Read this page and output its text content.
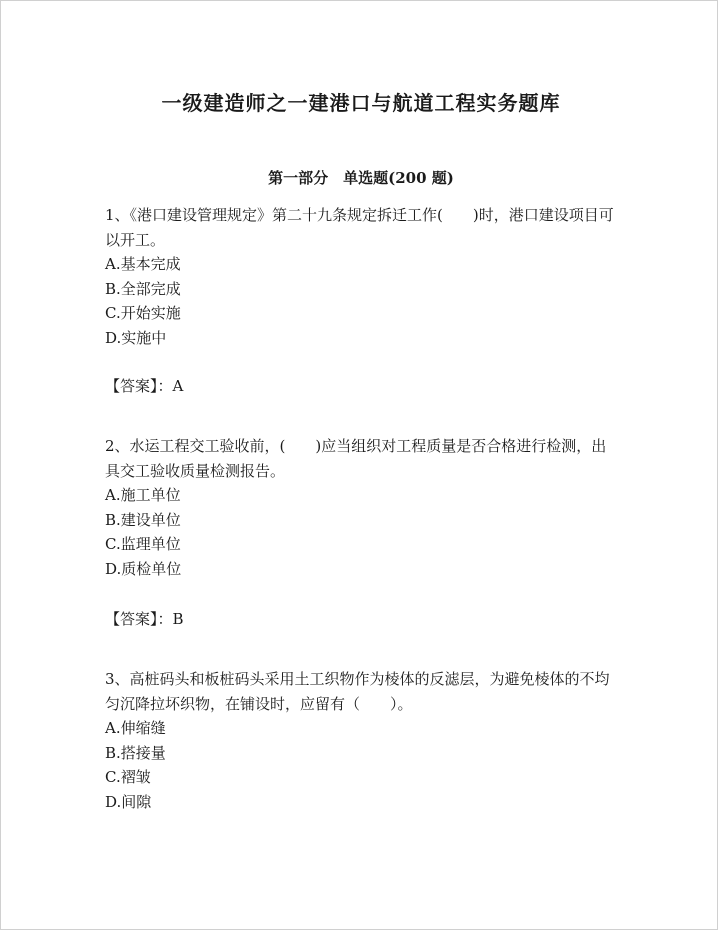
一级建造师之一建港口与航道工程实务题库
第一部分　单选题(200 题)
1、《港口建设管理规定》第二十九条规定拆迁工作(　　)时，港口建设项目可以开工。
A.基本完成
B.全部完成
C.开始实施
D.实施中
【答案】：A
2、水运工程交工验收前，(　　)应当组织对工程质量是否合格进行检测，出具交工验收质量检测报告。
A.施工单位
B.建设单位
C.监理单位
D.质检单位
【答案】：B
3、高桩码头和板桩码头采用土工织物作为棱体的反滤层，为避免棱体的不均匀沉降拉坏织物，在铺设时，应留有（　　）。
A.伸缩缝
B.搭接量
C.褶皱
D.间隙
